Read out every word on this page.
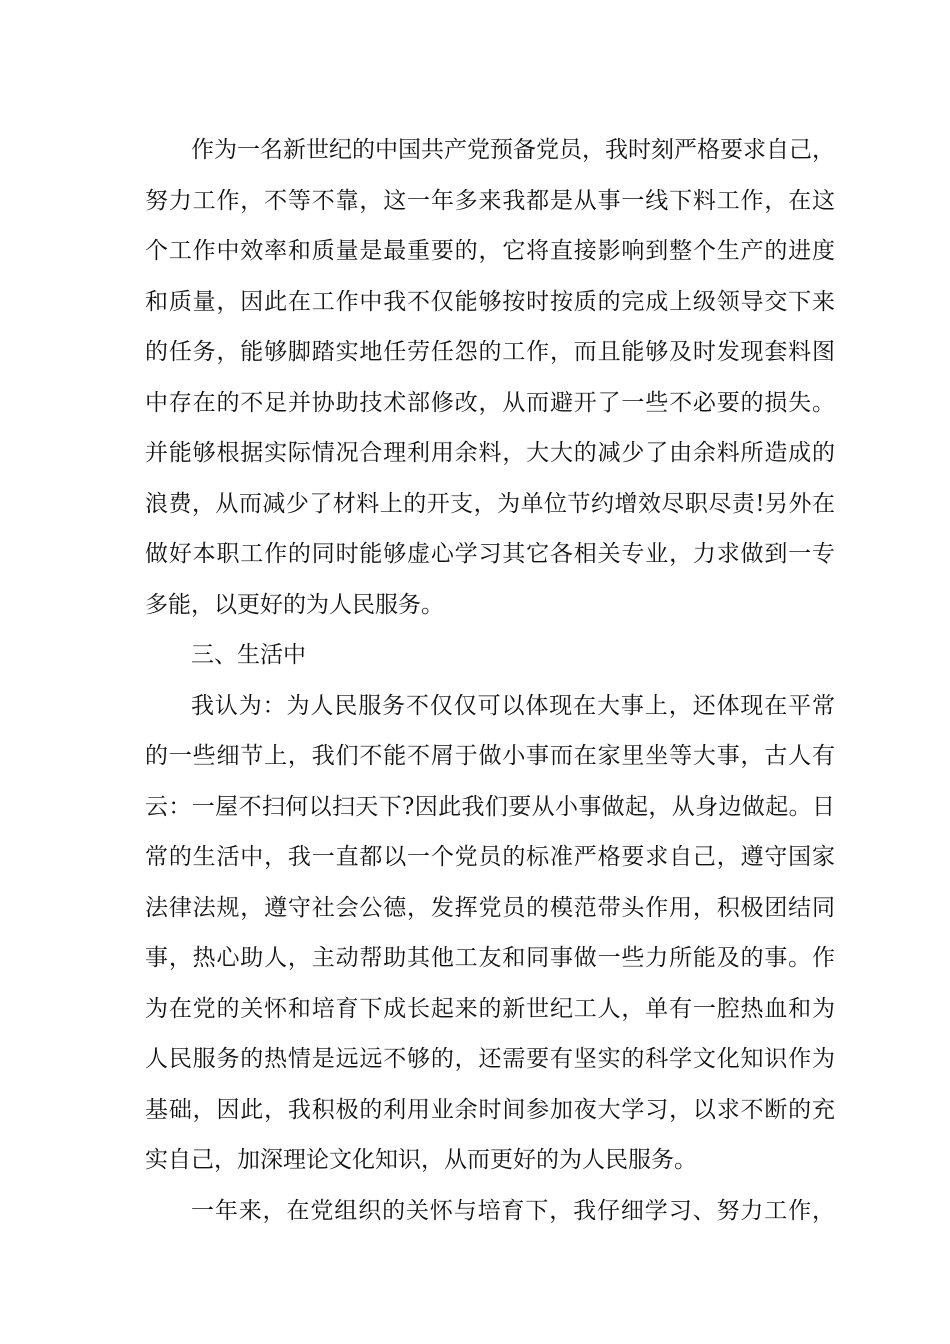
作为一名新世纪的中国共产党预备党员，我时刻严格要求自己，
努力工作，不等不靠，这一年多来我都是从事一线下料工作，在这
个工作中效率和质量是最重要的，它将直接影响到整个生产的进度
和质量，因此在工作中我不仅能够按时按质的完成上级领导交下来
的任务，能够脚踏实地任劳任怨的工作，而且能够及时发现套料图
中存在的不足并协助技术部修改，从而避开了一些不必要的损失。
并能够根据实际情况合理利用余料，大大的减少了由余料所造成的
浪费，从而减少了材料上的开支，为单位节约增效尽职尽责!另外在
做好本职工作的同时能够虚心学习其它各相关专业，力求做到一专
多能，以更好的为人民服务。
三、生活中
我认为：为人民服务不仅仅可以体现在大事上，还体现在平常
的一些细节上，我们不能不屑于做小事而在家里坐等大事，古人有
云：一屋不扫何以扫天下?因此我们要从小事做起，从身边做起。日
常的生活中，我一直都以一个党员的标准严格要求自己，遵守国家
法律法规，遵守社会公德，发挥党员的模范带头作用，积极团结同
事，热心助人，主动帮助其他工友和同事做一些力所能及的事。作
为在党的关怀和培育下成长起来的新世纪工人，单有一腔热血和为
人民服务的热情是远远不够的，还需要有坚实的科学文化知识作为
基础，因此，我积极的利用业余时间参加夜大学习，以求不断的充
实自己，加深理论文化知识，从而更好的为人民服务。
一年来，在党组织的关怀与培育下，我仔细学习、努力工作，
